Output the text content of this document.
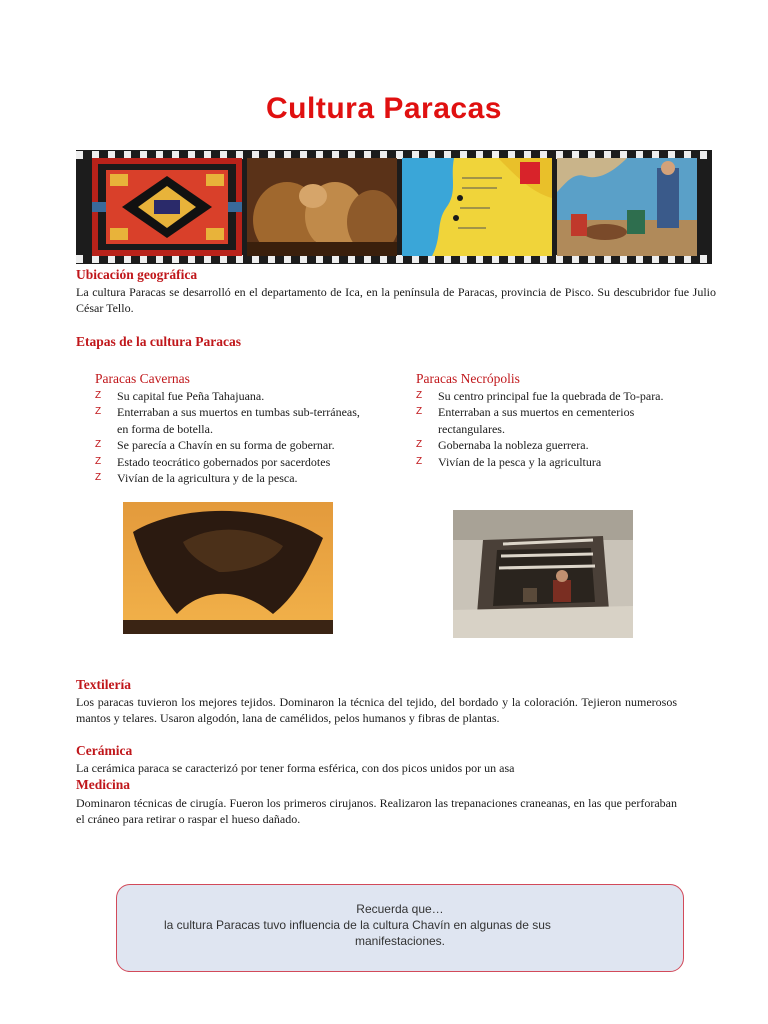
Cultura Paracas
Ubicación geográfica

La cultura Paracas se desarrolló en el departamento de Ica, en la península de Paracas, provincia de Pisco. Su descubridor fue Julio César Tello.

Etapas de la cultura Paracas
Paracas Cavernas
Z Su capital fue Peña Tahajuana.
Z Enterraban a sus muertos en tumbas sub-terráneas, en forma de botella.
Z Se parecía a Chavín en su forma de gobernar.
Z Estado teocrático gobernados por sacerdotes
Z Vivían de la agricultura y de la pesca.
Paracas Necrópolis
Z Su centro principal fue la quebrada de To-para.
Z Enterraban a sus muertos en cementerios rectangulares.
Z Gobernaba la nobleza guerrera.
Z Vivían de la pesca y la agricultura
Textilería

Los paracas tuvieron los mejores tejidos. Dominaron la técnica del tejido, del bordado y la coloración. Tejieron numerosos mantos y telares. Usaron algodón, lana de camélidos, pelos humanos y fibras de plantas.

Cerámica

La cerámica paraca se caracterizó por tener forma esférica, con dos picos unidos por un asa

Medicina

Dominaron técnicas de cirugía. Fueron los primeros cirujanos. Realizaron las trepanaciones craneanas, en las que perforaban el cráneo para retirar o raspar el hueso dañado.

Recuerda que…

la cultura Paracas tuvo influencia de la cultura Chavín en algunas de sus

manifestaciones.
